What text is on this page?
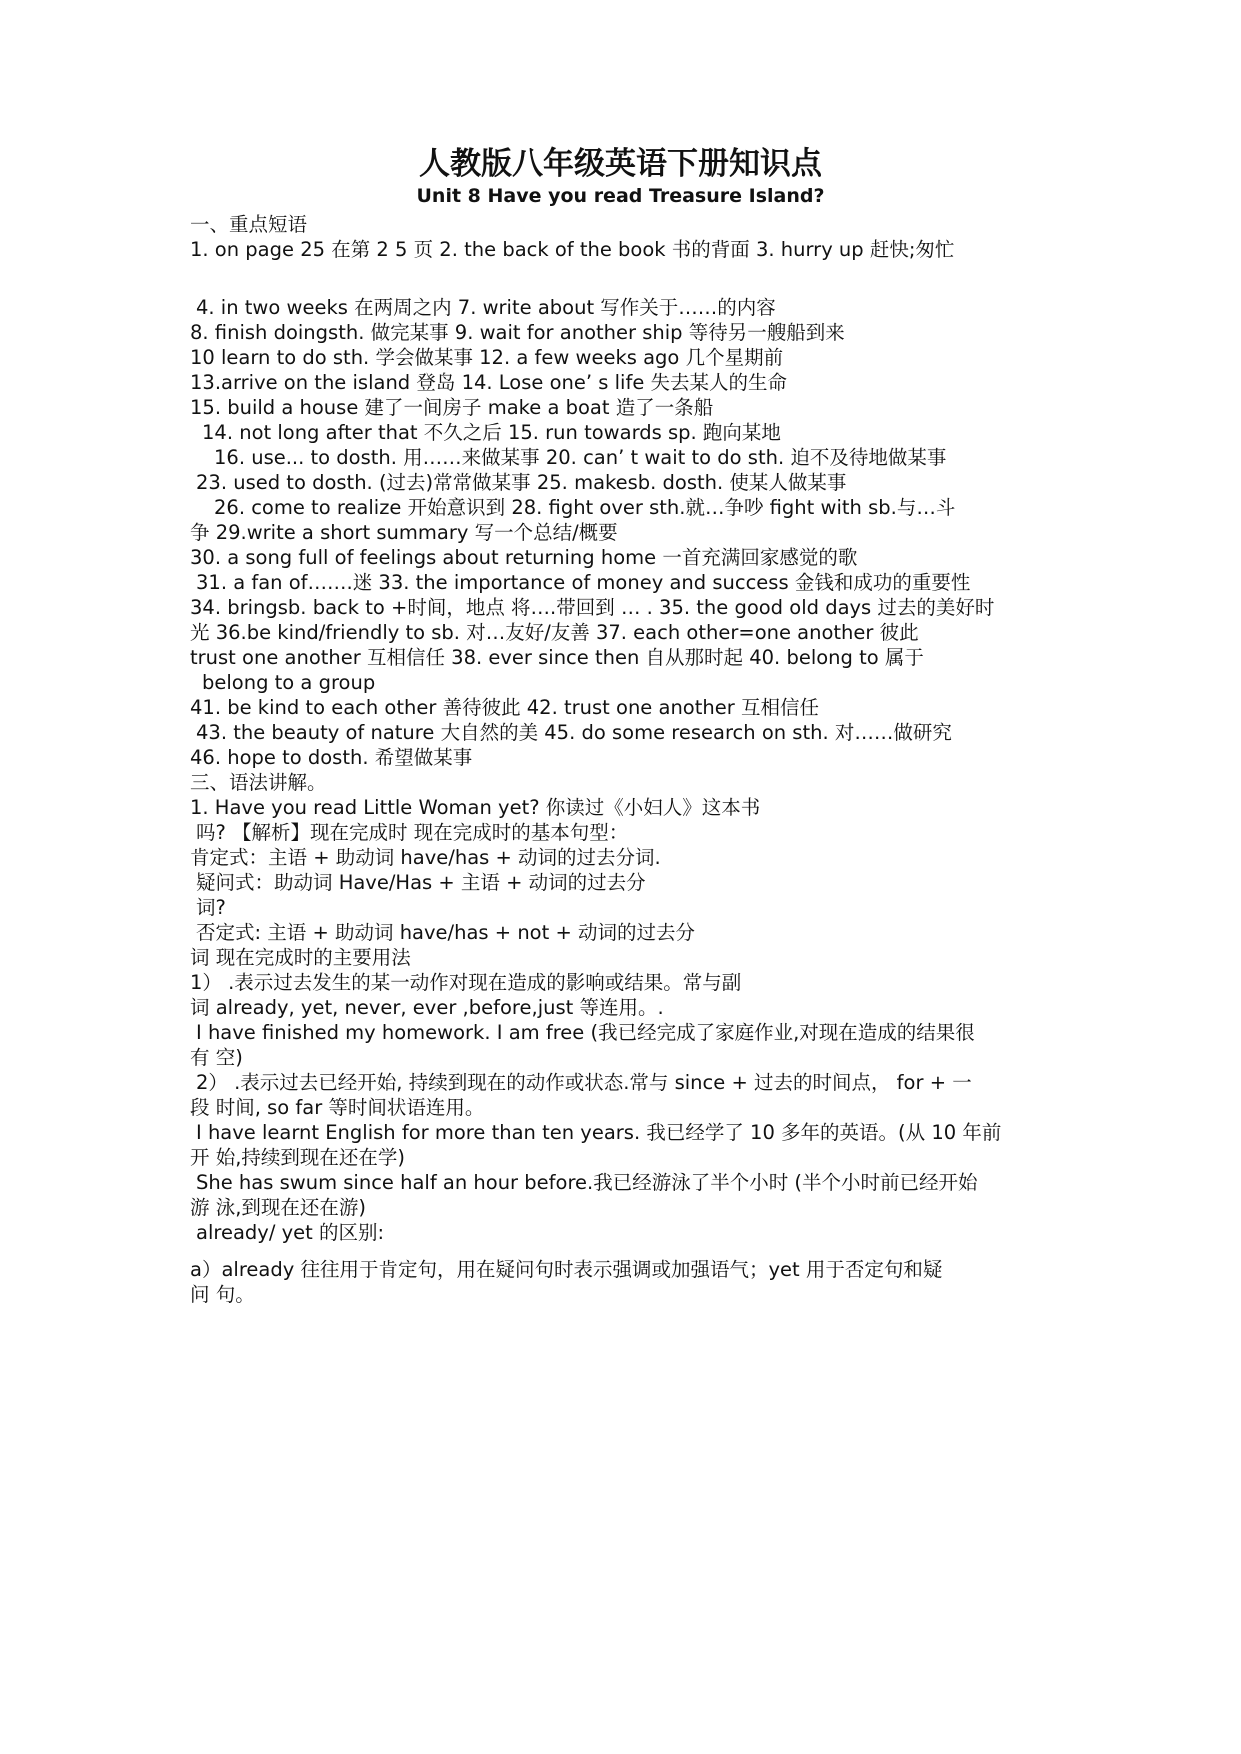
人教版八年级英语下册知识点
Unit 8 Have you read Treasure Island?
一、重点短语
1. on page 25 在第 2 5 页 2. the back of the book 书的背面 3. hurry up 赶快;匆忙
4. in two weeks 在两周之内 7. write about 写作关于……的内容
8. finish doingsth. 做完某事 9. wait for another ship 等待另一艘船到来
10 learn to do sth. 学会做某事 12. a few weeks ago 几个星期前
13.arrive on the island 登岛 14. Lose one’ s life 失去某人的生命
15. build a house 建了一间房子 make a boat 造了一条船
14. not long after that 不久之后 15. run towards sp. 跑向某地
16. use... to dosth. 用……来做某事 20. can’ t wait to do sth. 迫不及待地做某事
23. used to dosth. (过去)常常做某事 25. makesb. dosth. 使某人做某事
26. come to realize 开始意识到 28. fight over sth.就…争吵 fight with sb.与…斗
争 29.write a short summary 写一个总结/概要
30. a song full of feelings about returning home 一首充满回家感觉的歌
31. a fan of…….迷 33. the importance of money and success 金钱和成功的重要性
34. bringsb. back to +时间，地点 将….带回到 … . 35. the good old days 过去的美好时
光 36.be kind/friendly to sb. 对…友好/友善 37. each other=one another 彼此
trust one another 互相信任 38. ever since then 自从那时起 40. belong to 属于
belong to a group
41. be kind to each other 善待彼此 42. trust one another 互相信任
43. the beauty of nature 大自然的美 45. do some research on sth. 对……做研究
46. hope to dosth. 希望做某事
三、语法讲解。
1. Have you read Little Woman yet? 你读过《小妇人》这本书
吗? 【解析】现在完成时 现在完成时的基本句型：
肯定式：主语 + 助动词 have/has + 动词的过去分词.
疑问式：助动词 Have/Has + 主语 + 动词的过去分
词?
否定式: 主语 + 助动词 have/has + not + 动词的过去分
词 现在完成时的主要用法
1） .表示过去发生的某一动作对现在造成的影响或结果。常与副
词 already, yet, never, ever ,before,just 等连用。.
I have finished my homework. I am free (我已经完成了家庭作业,对现在造成的结果很
有 空)
2） .表示过去已经开始, 持续到现在的动作或状态.常与 since + 过去的时间点， for + 一
段 时间, so far 等时间状语连用。
I have learnt English for more than ten years. 我已经学了 10 多年的英语。(从 10 年前
开 始,持续到现在还在学)
She has swum since half an hour before.我已经游泳了半个小时 (半个小时前已经开始
游 泳,到现在还在游)
already/ yet 的区别:
a）already 往往用于肯定句，用在疑问句时表示强调或加强语气；yet 用于否定句和疑
问 句。
